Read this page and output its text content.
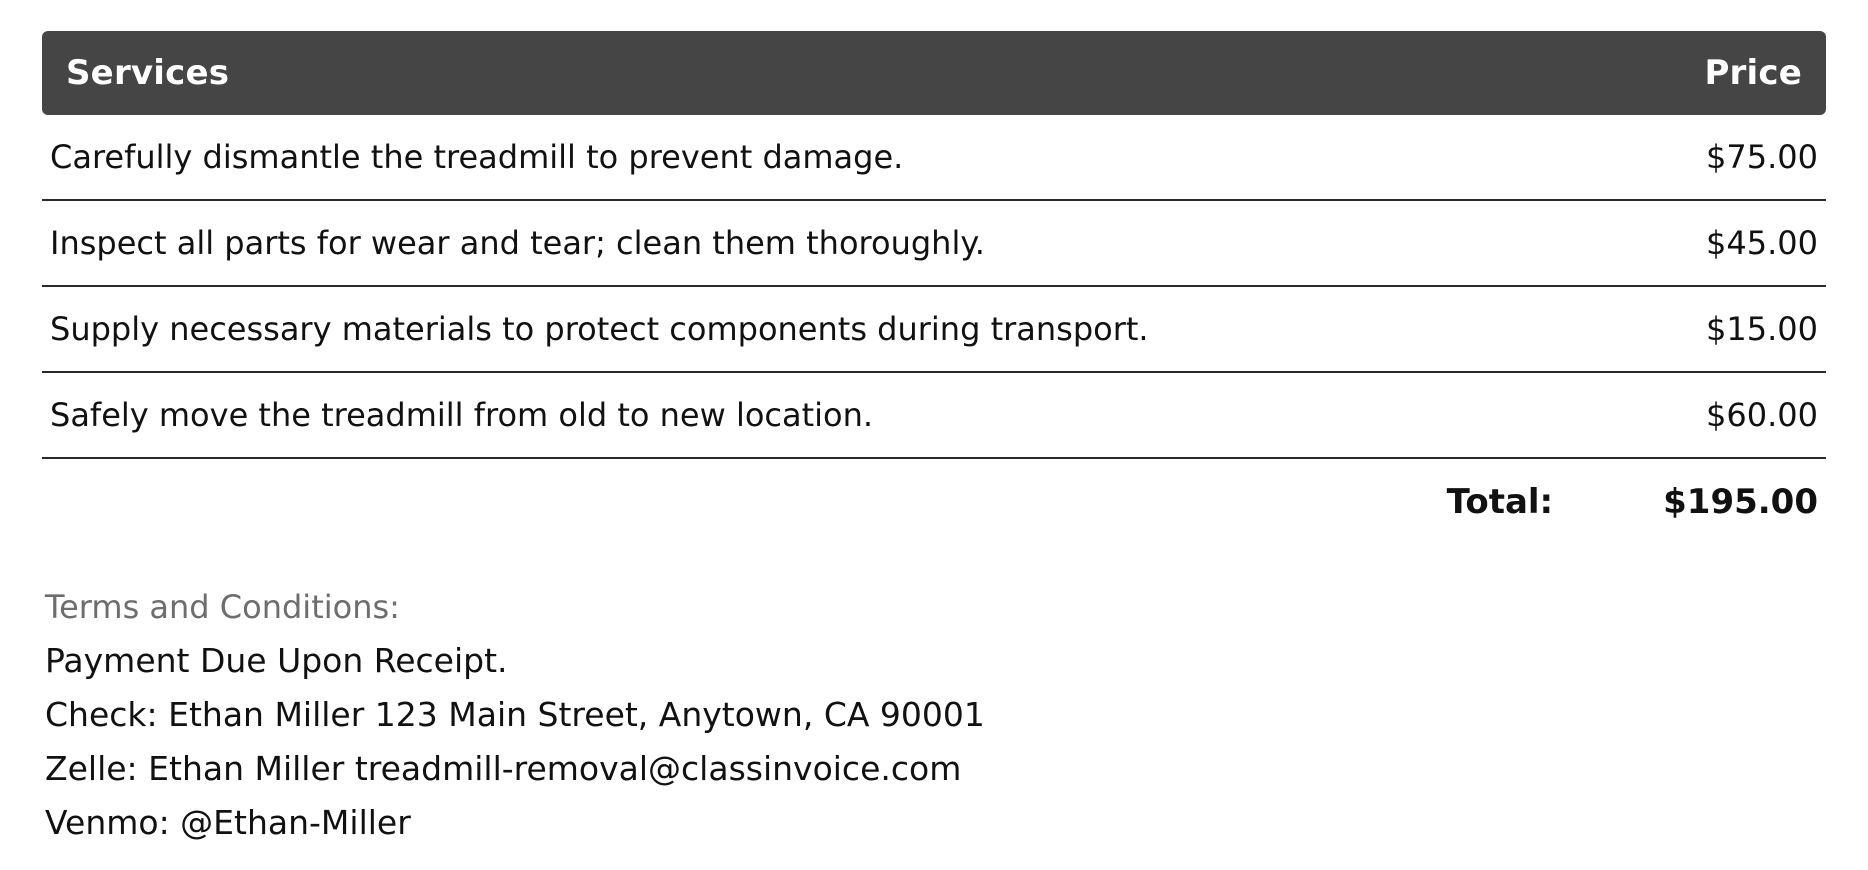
Services	Price
Carefully dismantle the treadmill to prevent damage.	$75.00
Inspect all parts for wear and tear; clean them thoroughly.	$45.00
Supply necessary materials to protect components during transport.	$15.00
Safely move the treadmill from old to new location.	$60.00
Total:	$195.00
Terms and Conditions:
Payment Due Upon Receipt.
Check: Ethan Miller 123 Main Street, Anytown, CA 90001
Zelle: Ethan Miller treadmill-removal@classinvoice.com
Venmo: @Ethan-Miller
